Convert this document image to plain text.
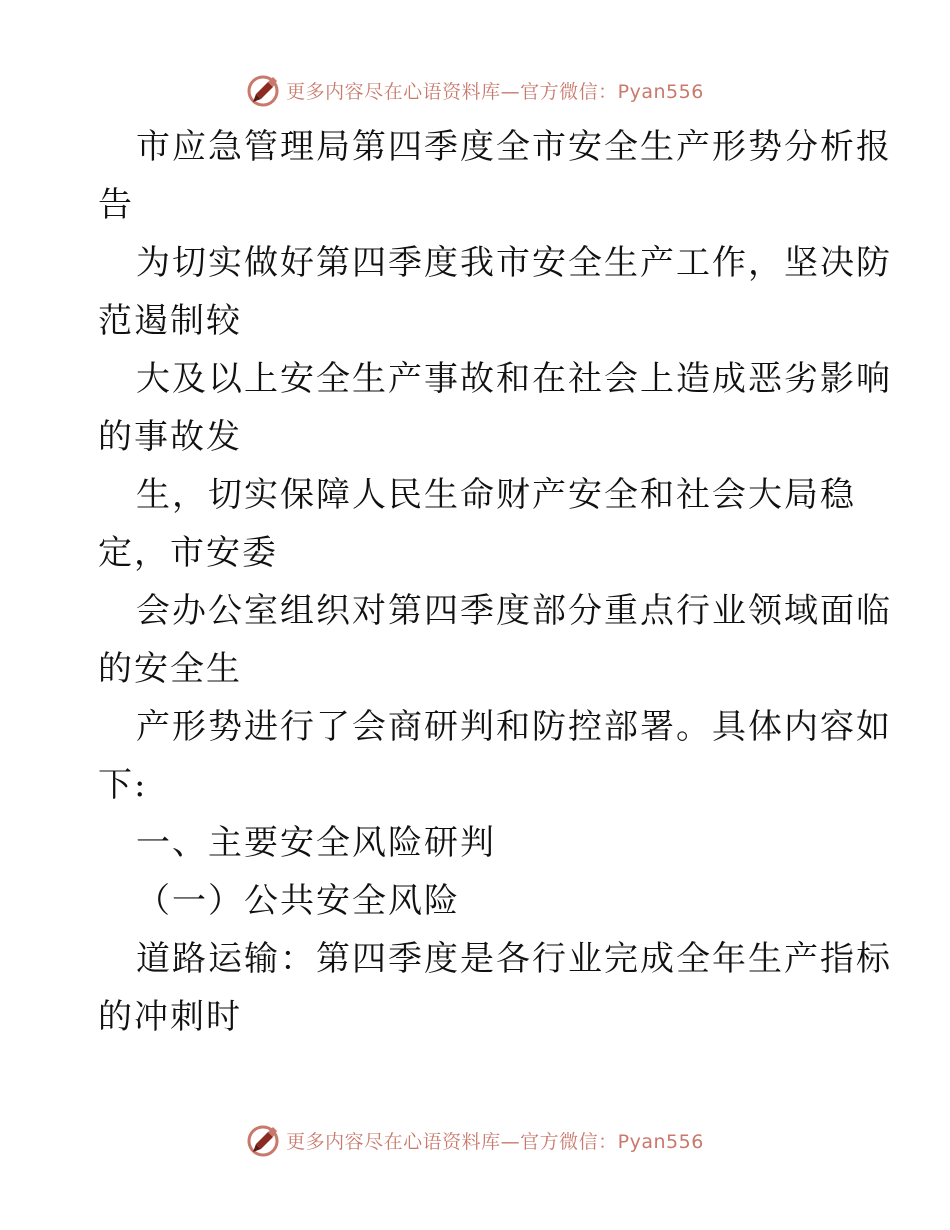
更多内容尽在心语资料库—官方微信：Pyan556

市应急管理局第四季度全市安全生产形势分析报

告

为切实做好第四季度我市安全生产工作，坚决防

范遏制较

大及以上安全生产事故和在社会上造成恶劣影响

的事故发

生，切实保障人民生命财产安全和社会大局稳

定，市安委

会办公室组织对第四季度部分重点行业领域面临

的安全生

产形势进行了会商研判和防控部署。具体内容如

下:

一、主要安全风险研判

（一）公共安全风险

道路运输：第四季度是各行业完成全年生产指标

的冲刺时

更多内容尽在心语资料库—官方微信：Pyan556
